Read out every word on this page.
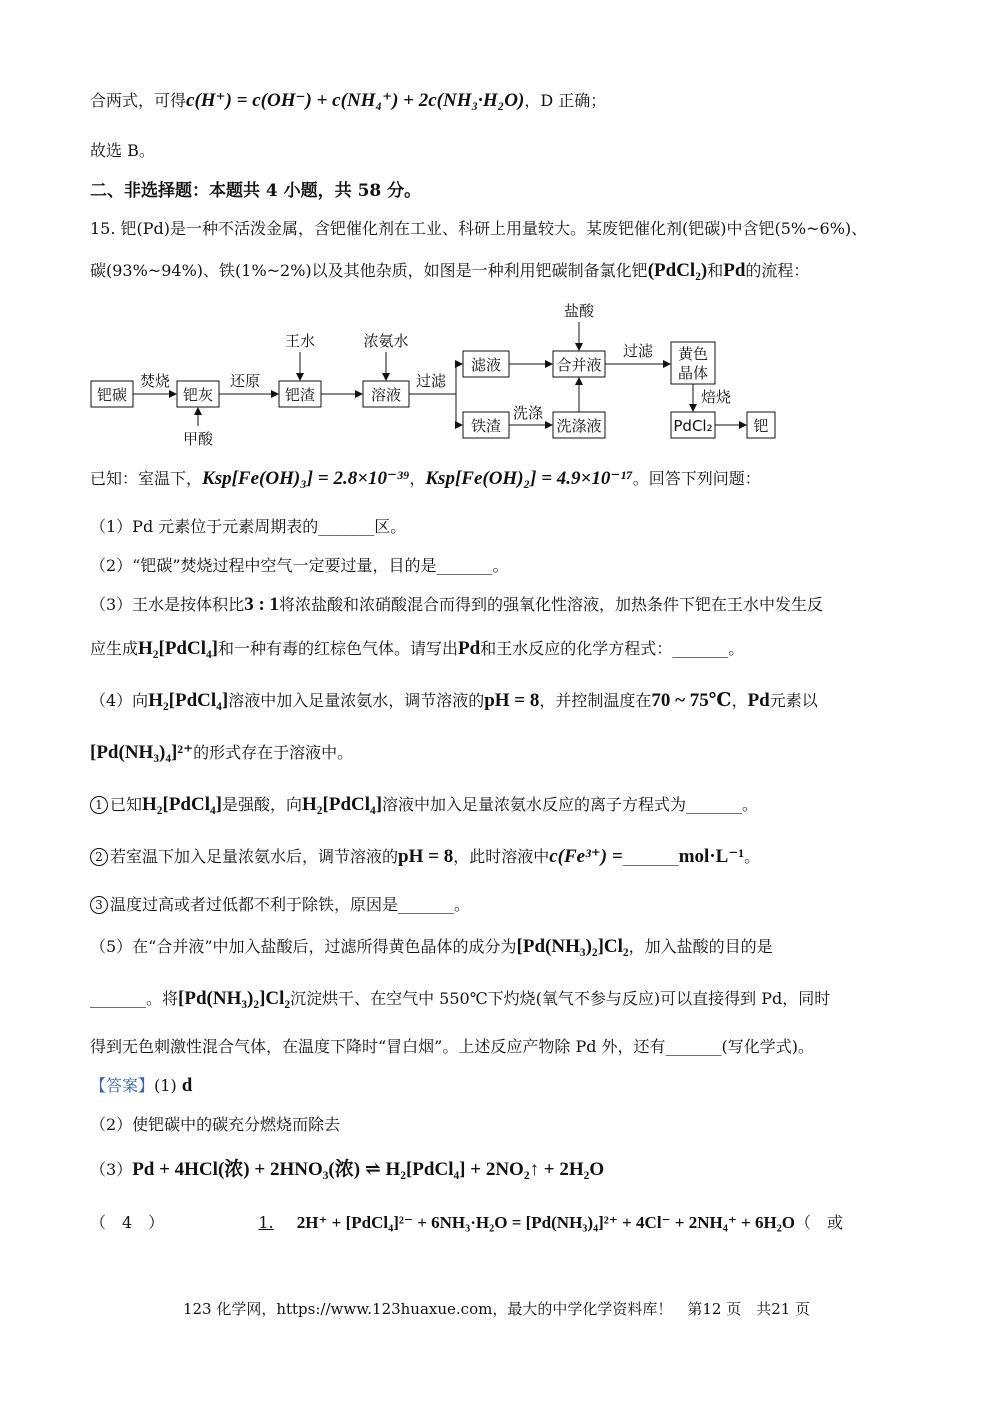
合两式，可得c(H⁺) = c(OH⁻) + c(NH₄⁺) + 2c(NH₃·H₂O)，D 正确；
故选 B。
二、非选择题：本题共 4 小题，共 58 分。
15. 钯(Pd)是一种不活泼金属，含钯催化剂在工业、科研上用量较大。某废钯催化剂(钯碳)中含钯(5%~6%)、
碳(93%~94%)、铁(1%~2%)以及其他杂质，如图是一种利用钯碳制备氯化钯(PdCl₂)和Pd的流程：
钯碳	钯灰	钯渣	溶液
滤液	合并液
黄色
晶体
铁渣	洗涤液	PdCl₂	钯
焚烧	还原
甲酸
王水	浓氨水
过滤
盐酸
过滤
洗涤
焙烧
已知：室温下，Ksp[Fe(OH)₃] = 2.8×10⁻³⁹，Ksp[Fe(OH)₂] = 4.9×10⁻¹⁷。回答下列问题：
（1）Pd 元素位于元素周期表的_______区。
（2）“钯碳”焚烧过程中空气一定要过量，目的是_______。
（3）王水是按体积比3 : 1将浓盐酸和浓硝酸混合而得到的强氧化性溶液，加热条件下钯在王水中发生反
应生成H₂[PdCl₄]和一种有毒的红棕色气体。请写出Pd和王水反应的化学方程式：_______。
（4）向H₂[PdCl₄]溶液中加入足量浓氨水，调节溶液的pH = 8，并控制温度在70 ~ 75℃，Pd元素以
[Pd(NH₃)₄]²⁺的形式存在于溶液中。
1 已知H₂[PdCl₄]是强酸，向H₂[PdCl₄]溶液中加入足量浓氨水反应的离子方程式为_______。
2 若室温下加入足量浓氨水后，调节溶液的pH = 8，此时溶液中c(Fe³⁺) =_______mol·L⁻¹。
3 温度过高或者过低都不利于除铁，原因是_______。
（5）在“合并液”中加入盐酸后，过滤所得黄色晶体的成分为[Pd(NH₃)₂]Cl₂，加入盐酸的目的是
_______。将[Pd(NH₃)₂]Cl₂沉淀烘干、在空气中 550℃下灼烧(氧气不参与反应)可以直接得到 Pd，同时
得到无色刺激性混合气体，在温度下降时“冒白烟”。上述反应产物除 Pd 外，还有_______(写化学式)。
【答案】(1) d
（2）使钯碳中的碳充分燃烧而除去
（3）Pd + 4HCl(浓) + 2HNO₃(浓) ⇌ H₂[PdCl₄] + 2NO₂↑ + 2H₂O
（　4　）	1. 2H⁺ + [PdCl₄]²⁻ + 6NH₃·H₂O = [Pd(NH₃)₄]²⁺ + 4Cl⁻ + 2NH₄⁺ + 6H₂O（　或
123 化学网，https://www.123huaxue.com，最大的中学化学资料库！　第12 页　共21 页
